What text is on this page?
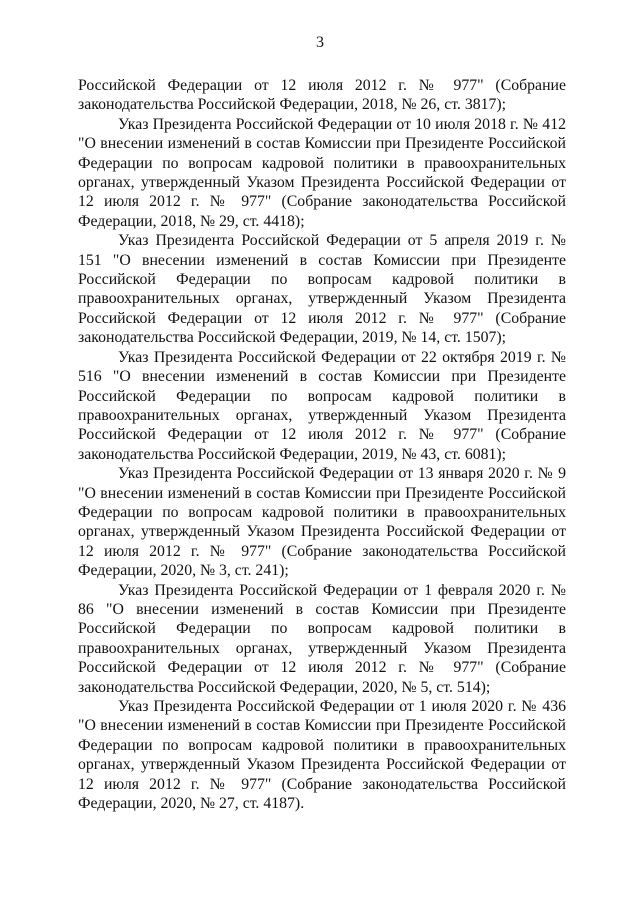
3

Российской Федерации от 12 июля 2012 г. № 977" (Собрание законодательства Российской Федерации, 2018, № 26, ст. 3817);

Указ Президента Российской Федерации от 10 июля 2018 г. № 412 "О внесении изменений в состав Комиссии при Президенте Российской Федерации по вопросам кадровой политики в правоохранительных органах, утвержденный Указом Президента Российской Федерации от 12 июля 2012 г. № 977" (Собрание законодательства Российской Федерации, 2018, № 29, ст. 4418);

Указ Президента Российской Федерации от 5 апреля 2019 г. № 151 "О внесении изменений в состав Комиссии при Президенте Российской Федерации по вопросам кадровой политики в правоохранительных органах, утвержденный Указом Президента Российской Федерации от 12 июля 2012 г. № 977" (Собрание законодательства Российской Федерации, 2019, № 14, ст. 1507);

Указ Президента Российской Федерации от 22 октября 2019 г. № 516 "О внесении изменений в состав Комиссии при Президенте Российской Федерации по вопросам кадровой политики в правоохранительных органах, утвержденный Указом Президента Российской Федерации от 12 июля 2012 г. № 977" (Собрание законодательства Российской Федерации, 2019, № 43, ст. 6081);

Указ Президента Российской Федерации от 13 января 2020 г. № 9 "О внесении изменений в состав Комиссии при Президенте Российской Федерации по вопросам кадровой политики в правоохранительных органах, утвержденный Указом Президента Российской Федерации от 12 июля 2012 г. № 977" (Собрание законодательства Российской Федерации, 2020, № 3, ст. 241);

Указ Президента Российской Федерации от 1 февраля 2020 г. № 86 "О внесении изменений в состав Комиссии при Президенте Российской Федерации по вопросам кадровой политики в правоохранительных органах, утвержденный Указом Президента Российской Федерации от 12 июля 2012 г. № 977" (Собрание законодательства Российской Федерации, 2020, № 5, ст. 514);

Указ Президента Российской Федерации от 1 июля 2020 г. № 436 "О внесении изменений в состав Комиссии при Президенте Российской Федерации по вопросам кадровой политики в правоохранительных органах, утвержденный Указом Президента Российской Федерации от 12 июля 2012 г. № 977" (Собрание законодательства Российской Федерации, 2020, № 27, ст. 4187).
